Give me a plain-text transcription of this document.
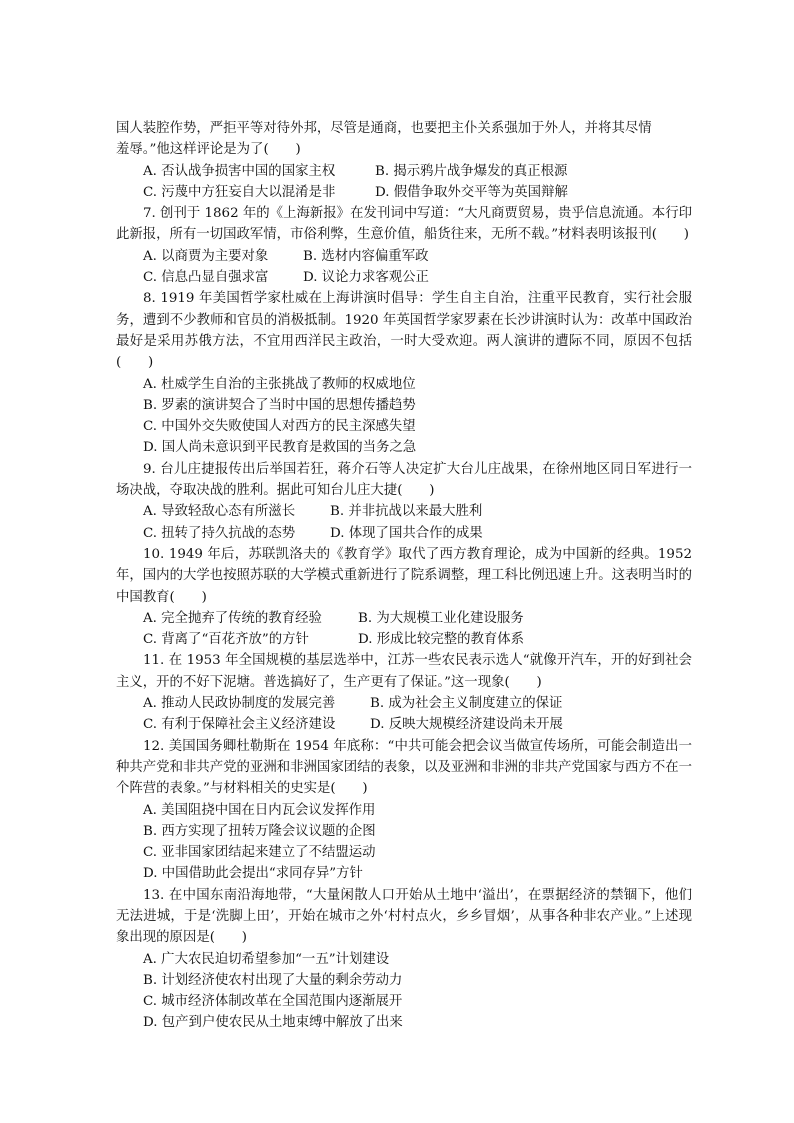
国人装腔作势，严拒平等对待外邦，尽管是通商，也要把主仆关系强加于外人，并将其尽情
羞辱。”他这样评论是为了(　　)

A. 否认战争损害中国的国家主权	B. 揭示鸦片战争爆发的真正根源
C. 污蔑中方狂妄自大以混淆是非	D. 假借争取外交平等为英国辩解

7. 创刊于 1862 年的《上海新报》在发刊词中写道：“大凡商贾贸易，贵乎信息流通。本行印此新报，所有一切国政军情，市俗利弊，生意价值，船货往来，无所不载。”材料表明该报刊(　　)

A. 以商贾为主要对象	B. 选材内容偏重军政
C. 信息凸显自强求富	D. 议论力求客观公正

8. 1919 年美国哲学家杜威在上海讲演时倡导：学生自主自治，注重平民教育，实行社会服务，遭到不少教师和官员的消极抵制。1920 年英国哲学家罗素在长沙讲演时认为：改革中国政治最好是采用苏俄方法，不宜用西洋民主政治，一时大受欢迎。两人演讲的遭际不同，原因不包括(　　)

A. 杜威学生自治的主张挑战了教师的权威地位
B. 罗素的演讲契合了当时中国的思想传播趋势
C. 中国外交失败使国人对西方的民主深感失望
D. 国人尚未意识到平民教育是救国的当务之急

9. 台儿庄捷报传出后举国若狂，蒋介石等人决定扩大台儿庄战果，在徐州地区同日军进行一场决战，夺取决战的胜利。据此可知台儿庄大捷(　　)

A. 导致轻敌心态有所滋长	B. 并非抗战以来最大胜利
C. 扭转了持久抗战的态势	D. 体现了国共合作的成果

10. 1949 年后，苏联凯洛夫的《教育学》取代了西方教育理论，成为中国新的经典。1952 年，国内的大学也按照苏联的大学模式重新进行了院系调整，理工科比例迅速上升。这表明当时的中国教育(　　)

A. 完全抛弃了传统的教育经验	B. 为大规模工业化建设服务
C. 背离了“百花齐放”的方针	D. 形成比较完整的教育体系

11. 在 1953 年全国规模的基层选举中，江苏一些农民表示选人“就像开汽车，开的好到社会主义，开的不好下泥塘。普选搞好了，生产更有了保证。”这一现象(　　)

A. 推动人民政协制度的发展完善	B. 成为社会主义制度建立的保证
C. 有利于保障社会主义经济建设	D. 反映大规模经济建设尚未开展

12. 美国国务卿杜勒斯在 1954 年底称：“中共可能会把会议当做宣传场所，可能会制造出一种共产党和非共产党的亚洲和非洲国家团结的表象，以及亚洲和非洲的非共产党国家与西方不在一个阵营的表象。”与材料相关的史实是(　　)

A. 美国阻挠中国在日内瓦会议发挥作用
B. 西方实现了扭转万隆会议议题的企图
C. 亚非国家团结起来建立了不结盟运动
D. 中国借助此会提出“求同存异”方针

13. 在中国东南沿海地带，“大量闲散人口开始从土地中‘溢出’，在票据经济的禁锢下，他们无法进城，于是‘洗脚上田’，开始在城市之外‘村村点火，乡乡冒烟’，从事各种非农产业。”上述现象出现的原因是(　　)

A. 广大农民迫切希望参加“一五”计划建设
B. 计划经济使农村出现了大量的剩余劳动力
C. 城市经济体制改革在全国范围内逐渐展开
D. 包产到户使农民从土地束缚中解放了出来
